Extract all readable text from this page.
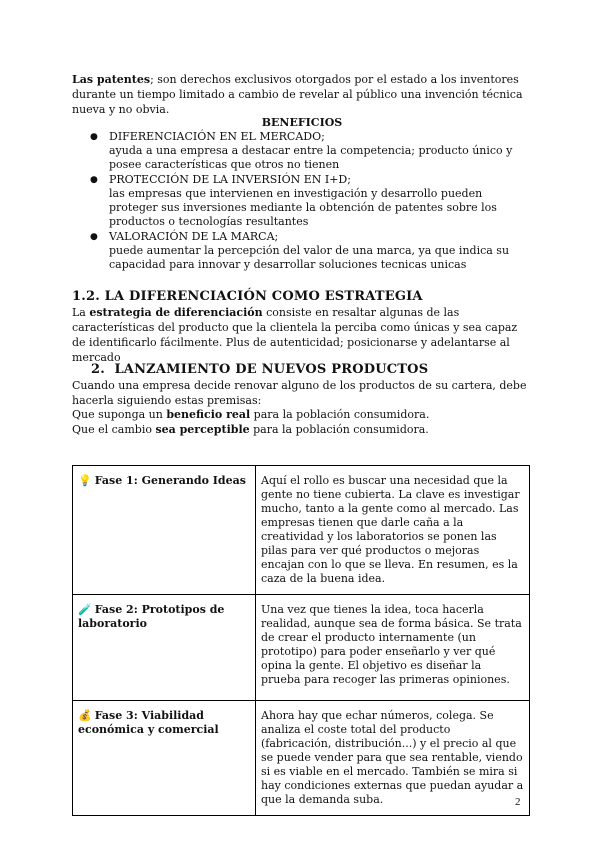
Las patentes; son derechos exclusivos otorgados por el estado a los inventores durante un tiempo limitado a cambio de revelar al público una invención técnica nueva y no obvia.

BENEFICIOS

● DIFERENCIACIÓN EN EL MERCADO;
ayuda a una empresa a destacar entre la competencia; producto único y posee características que otros no tienen
● PROTECCIÓN DE LA INVERSIÓN EN I+D;
las empresas que intervienen en investigación y desarrollo pueden proteger sus inversiones mediante la obtención de patentes sobre los productos o tecnologías resultantes
● VALORACIÓN DE LA MARCA;
puede aumentar la percepción del valor de una marca, ya que indica su capacidad para innovar y desarrollar soluciones tecnicas unicas
1.2. LA DIFERENCIACIÓN COMO ESTRATEGIA

La estrategia de diferenciación consiste en resaltar algunas de las características del producto que la clientela la perciba como únicas y sea capaz de identificarlo fácilmente. Plus de autenticidad; posicionarse y adelantarse al mercado

2. LANZAMIENTO DE NUEVOS PRODUCTOS

Cuando una empresa decide renovar alguno de los productos de su cartera, debe hacerla siguiendo estas premisas:

Que suponga un beneficio real para la población consumidora.

Que el cambio sea perceptible para la población consumidora.

💡 Fase 1: Generando Ideas	Aquí el rollo es buscar una necesidad que la gente no tiene cubierta. La clave es investigar mucho, tanto a la gente como al mercado. Las empresas tienen que darle caña a la creatividad y los laboratorios se ponen las pilas para ver qué productos o mejoras encajan con lo que se lleva. En resumen, es la caza de la buena idea.
🧪 Fase 2: Prototipos de laboratorio	Una vez que tienes la idea, toca hacerla realidad, aunque sea de forma básica. Se trata de crear el producto internamente (un prototipo) para poder enseñarlo y ver qué opina la gente. El objetivo es diseñar la prueba para recoger las primeras opiniones.
💰 Fase 3: Viabilidad económica y comercial	Ahora hay que echar números, colega. Se analiza el coste total del producto (fabricación, distribución...) y el precio al que se puede vender para que sea rentable, viendo si es viable en el mercado. También se mira si hay condiciones externas que puedan ayudar a que la demanda suba.	2
